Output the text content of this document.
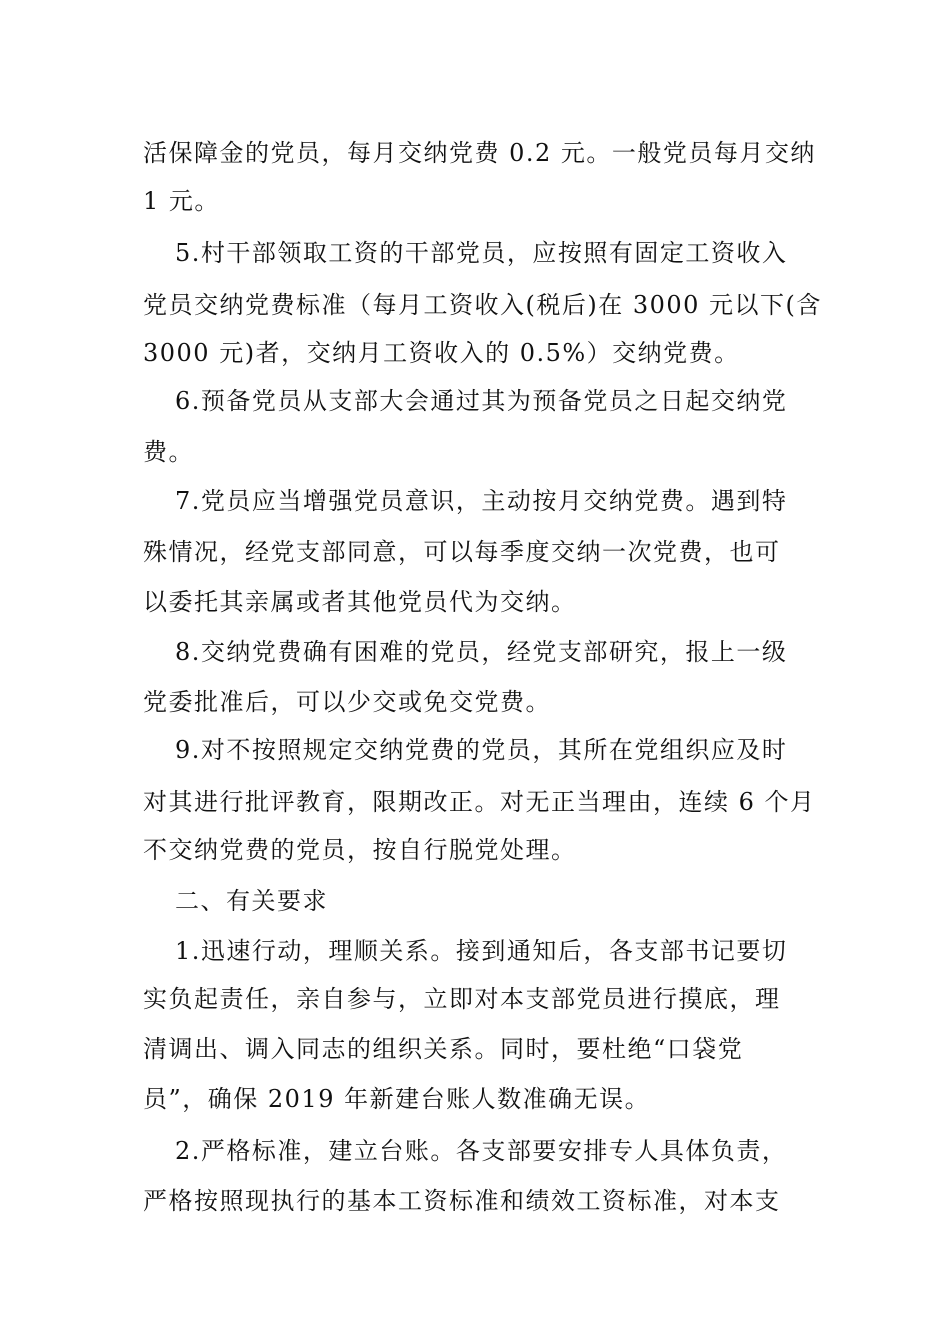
活保障金的党员，每月交纳党费 0.2 元。一般党员每月交纳
1 元。
5.村干部领取工资的干部党员，应按照有固定工资收入
党员交纳党费标准（每月工资收入(税后)在 3000 元以下(含
3000 元)者，交纳月工资收入的 0.5%）交纳党费。
6.预备党员从支部大会通过其为预备党员之日起交纳党
费。
7.党员应当增强党员意识，主动按月交纳党费。遇到特
殊情况，经党支部同意，可以每季度交纳一次党费，也可
以委托其亲属或者其他党员代为交纳。
8.交纳党费确有困难的党员，经党支部研究，报上一级
党委批准后，可以少交或免交党费。
9.对不按照规定交纳党费的党员，其所在党组织应及时
对其进行批评教育，限期改正。对无正当理由，连续 6 个月
不交纳党费的党员，按自行脱党处理。
二、有关要求
1.迅速行动，理顺关系。接到通知后，各支部书记要切
实负起责任，亲自参与，立即对本支部党员进行摸底，理
清调出、调入同志的组织关系。同时，要杜绝“口袋党
员”，确保 2019 年新建台账人数准确无误。
2.严格标准，建立台账。各支部要安排专人具体负责，
严格按照现执行的基本工资标准和绩效工资标准，对本支
